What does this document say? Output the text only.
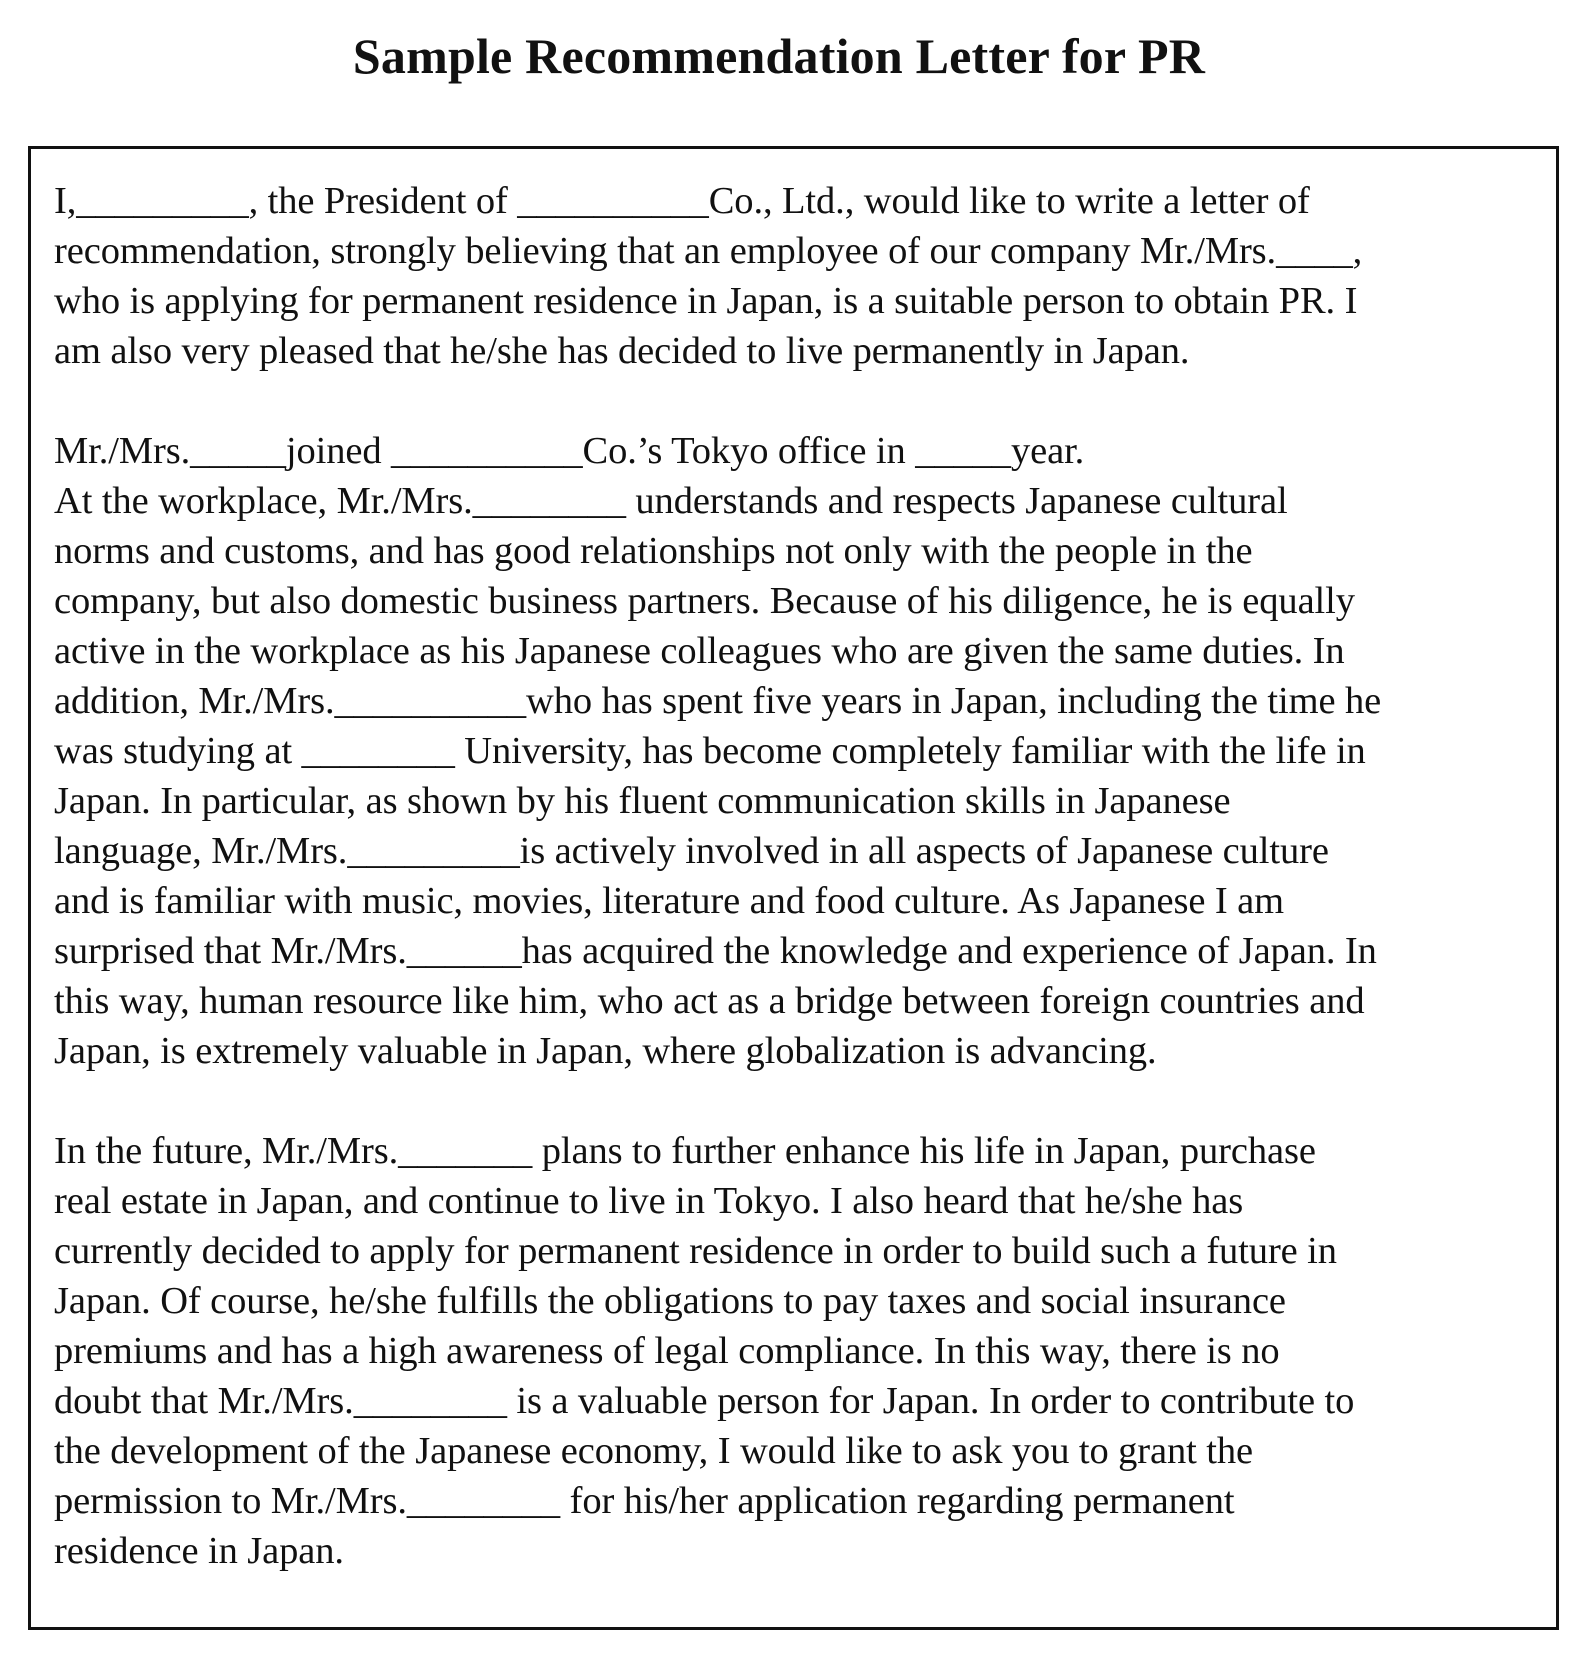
Sample Recommendation Letter for PR
I,_________, the President of __________Co., Ltd., would like to write a letter of
recommendation, strongly believing that an employee of our company Mr./Mrs.____,
who is applying for permanent residence in Japan, is a suitable person to obtain PR. I
am also very pleased that he/she has decided to live permanently in Japan.
Mr./Mrs._____joined __________Co.’s Tokyo office in _____year.
At the workplace, Mr./Mrs.________ understands and respects Japanese cultural
norms and customs, and has good relationships not only with the people in the
company, but also domestic business partners. Because of his diligence, he is equally
active in the workplace as his Japanese colleagues who are given the same duties. In
addition, Mr./Mrs.__________who has spent five years in Japan, including the time he
was studying at ________ University, has become completely familiar with the life in
Japan. In particular, as shown by his fluent communication skills in Japanese
language, Mr./Mrs._________is actively involved in all aspects of Japanese culture
and is familiar with music, movies, literature and food culture. As Japanese I am
surprised that Mr./Mrs.______has acquired the knowledge and experience of Japan. In
this way, human resource like him, who act as a bridge between foreign countries and
Japan, is extremely valuable in Japan, where globalization is advancing.
In the future, Mr./Mrs._______ plans to further enhance his life in Japan, purchase
real estate in Japan, and continue to live in Tokyo. I also heard that he/she has
currently decided to apply for permanent residence in order to build such a future in
Japan. Of course, he/she fulfills the obligations to pay taxes and social insurance
premiums and has a high awareness of legal compliance. In this way, there is no
doubt that Mr./Mrs.________ is a valuable person for Japan. In order to contribute to
the development of the Japanese economy, I would like to ask you to grant the
permission to Mr./Mrs.________ for his/her application regarding permanent
residence in Japan.
